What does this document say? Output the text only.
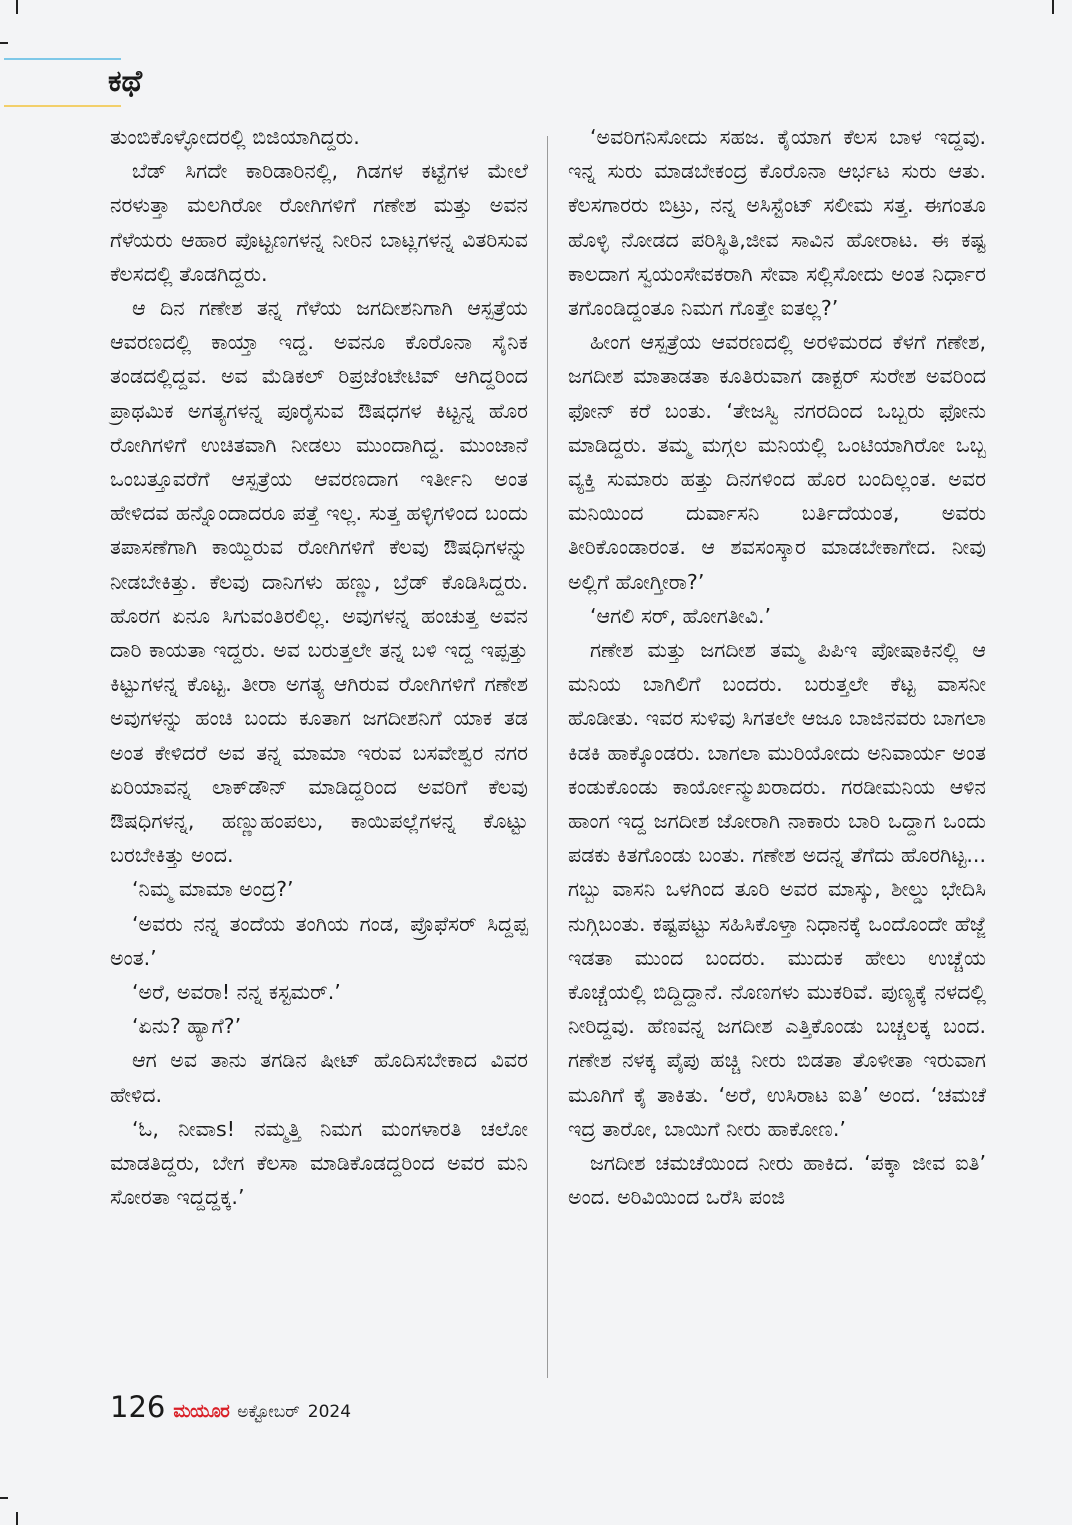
ಕಥೆ

ತುಂಬಿಕೊಳ್ಳೋದರಲ್ಲಿ ಬಿಜಿಯಾಗಿದ್ದರು.

ಬೆಡ್ ಸಿಗದೇ ಕಾರಿಡಾರಿನಲ್ಲಿ, ಗಿಡಗಳ ಕಟ್ಟೆಗಳ ಮೇಲೆ ನರಳುತ್ತಾ ಮಲಗಿರೋ ರೋಗಿಗಳಿಗೆ ಗಣೇಶ ಮತ್ತು ಅವನ ಗೆಳೆಯರು ಆಹಾರ ಪೊಟ್ಟಣಗಳನ್ನ ನೀರಿನ ಬಾಟ್ಲಗಳನ್ನ ವಿತರಿಸುವ ಕೆಲಸದಲ್ಲಿ ತೊಡಗಿದ್ದರು.

ಆ ದಿನ ಗಣೇಶ ತನ್ನ ಗೆಳೆಯ ಜಗದೀಶನಿಗಾಗಿ ಆಸ್ಪತ್ರೆಯ ಆವರಣದಲ್ಲಿ ಕಾಯ್ತಾ ಇದ್ದ. ಅವನೂ ಕೊರೊನಾ ಸೈನಿಕ ತಂಡದಲ್ಲಿದ್ದವ. ಅವ ಮೆಡಿಕಲ್ ರಿಪ್ರಜೆಂಟೇಟಿವ್ ಆಗಿದ್ದರಿಂದ ಪ್ರಾಥಮಿಕ ಅಗತ್ಯಗಳನ್ನ ಪೂರೈಸುವ ಔಷಧಗಳ ಕಿಟ್ಟನ್ನ ಹೊರ ರೋಗಿಗಳಿಗೆ ಉಚಿತವಾಗಿ ನೀಡಲು ಮುಂದಾಗಿದ್ದ. ಮುಂಜಾನೆ ಒಂಬತ್ತೂವರೆಗೆ ಆಸ್ಪತ್ರೆಯ ಆವರಣದಾಗ ಇರ್ತೀನಿ ಅಂತ ಹೇಳಿದವ ಹನ್ನೊಂದಾದರೂ ಪತ್ತೆ ಇಲ್ಲ. ಸುತ್ತ ಹಳ್ಳಿಗಳಿಂದ ಬಂದು ತಪಾಸಣೆಗಾಗಿ ಕಾಯ್ದಿರುವ ರೋಗಿಗಳಿಗೆ ಕೆಲವು ಔಷಧಿಗಳನ್ನು ನೀಡಬೇಕಿತ್ತು. ಕೆಲವು ದಾನಿಗಳು ಹಣ್ಣು, ಬ್ರೆಡ್ ಕೊಡಿಸಿದ್ದರು. ಹೊರಗ ಏನೂ ಸಿಗುವಂತಿರಲಿಲ್ಲ. ಅವುಗಳನ್ನ ಹಂಚುತ್ತ ಅವನ ದಾರಿ ಕಾಯತಾ ಇದ್ದರು. ಅವ ಬರುತ್ತಲೇ ತನ್ನ ಬಳಿ ಇದ್ದ ಇಪ್ಪತ್ತು ಕಿಟ್ಟುಗಳನ್ನ ಕೊಟ್ಟ. ತೀರಾ ಅಗತ್ಯ ಆಗಿರುವ ರೋಗಿಗಳಿಗೆ ಗಣೇಶ ಅವುಗಳನ್ನು ಹಂಚಿ ಬಂದು ಕೂತಾಗ ಜಗದೀಶನಿಗೆ ಯಾಕ ತಡ ಅಂತ ಕೇಳಿದರೆ ಅವ ತನ್ನ ಮಾಮಾ ಇರುವ ಬಸವೇಶ್ವರ ನಗರ ಏರಿಯಾವನ್ನ ಲಾಕ್‌ಡೌನ್ ಮಾಡಿದ್ದರಿಂದ ಅವರಿಗೆ ಕೆಲವು ಔಷಧಿಗಳನ್ನ, ಹಣ್ಣುಹಂಪಲು, ಕಾಯಿಪಲ್ಲೆಗಳನ್ನ ಕೊಟ್ಟು ಬರಬೇಕಿತ್ತು ಅಂದ.

‘ನಿಮ್ಮ ಮಾಮಾ ಅಂದ್ರ?’

‘ಅವರು ನನ್ನ ತಂದೆಯ ತಂಗಿಯ ಗಂಡ, ಪ್ರೊಫೆಸರ್ ಸಿದ್ದಪ್ಪ ಅಂತ.’

‘ಅರೆ, ಅವರಾ! ನನ್ನ ಕಸ್ಟಮರ್.’

‘ಏನು? ಹ್ಯಾಗೆ?’

ಆಗ ಅವ ತಾನು ತಗಡಿನ ಷೀಟ್ ಹೊದಿಸಬೇಕಾದ ವಿವರ ಹೇಳಿದ.

‘ಓ, ನೀವಾs! ನಮ್ಮತ್ತಿ ನಿಮಗ ಮಂಗಳಾರತಿ ಚಲೋ ಮಾಡತಿದ್ದರು, ಬೇಗ ಕೆಲಸಾ ಮಾಡಿಕೊಡದ್ದರಿಂದ ಅವರ ಮನಿ ಸೋರತಾ ಇದ್ದದ್ದಕ್ಕ.’

‘ಅವರಿಗನಿಸೋದು ಸಹಜ. ಕೈಯಾಗ ಕೆಲಸ ಬಾಳ ಇದ್ದವು. ಇನ್ನ ಸುರು ಮಾಡಬೇಕಂದ್ರ ಕೊರೊನಾ ಆರ್ಭಟ ಸುರು ಆತು. ಕೆಲಸಗಾರರು ಬಿಟ್ರು, ನನ್ನ ಅಸಿಸ್ಟೆಂಟ್ ಸಲೀಮ ಸತ್ತ. ಈಗಂತೂ ಹೊಳ್ಳಿ ನೋಡದ ಪರಿಸ್ಥಿತಿ,ಜೀವ ಸಾವಿನ ಹೋರಾಟ. ಈ ಕಷ್ಟ ಕಾಲದಾಗ ಸ್ವಯಂಸೇವಕರಾಗಿ ಸೇವಾ ಸಲ್ಲಿಸೋದು ಅಂತ ನಿರ್ಧಾರ ತಗೊಂಡಿದ್ದಂತೂ ನಿಮಗ ಗೊತ್ತೇ ಐತಲ್ಲ?’

ಹೀಂಗ ಆಸ್ಪತ್ರೆಯ ಆವರಣದಲ್ಲಿ ಅರಳಿಮರದ ಕೆಳಗೆ ಗಣೇಶ, ಜಗದೀಶ ಮಾತಾಡತಾ ಕೂತಿರುವಾಗ ಡಾಕ್ಟರ್ ಸುರೇಶ ಅವರಿಂದ ಫೋನ್ ಕರೆ ಬಂತು. ‘ತೇಜಸ್ವಿ ನಗರದಿಂದ ಒಬ್ಬರು ಫೋನು ಮಾಡಿದ್ದರು. ತಮ್ಮ ಮಗ್ಗಲ ಮನಿಯಲ್ಲಿ ಒಂಟಿಯಾಗಿರೋ ಒಬ್ಬ ವ್ಯಕ್ತಿ ಸುಮಾರು ಹತ್ತು ದಿನಗಳಿಂದ ಹೊರ ಬಂದಿಲ್ಲಂತ. ಅವರ ಮನಿಯಿಂದ ದುರ್ವಾಸನಿ ಬರ್ತಿದೆಯಂತ, ಅವರು ತೀರಿಕೊಂಡಾರಂತ. ಆ ಶವಸಂಸ್ಕಾರ ಮಾಡಬೇಕಾಗೇದ. ನೀವು ಅಲ್ಲಿಗೆ ಹೋಗ್ತೀರಾ?’

‘ಆಗಲಿ ಸರ್, ಹೋಗತೀವಿ.’

ಗಣೇಶ ಮತ್ತು ಜಗದೀಶ ತಮ್ಮ ಪಿಪಿಇ ಪೋಷಾಕಿನಲ್ಲಿ ಆ ಮನಿಯ ಬಾಗಿಲಿಗೆ ಬಂದರು. ಬರುತ್ತಲೇ ಕೆಟ್ಟ ವಾಸನೀ ಹೊಡೀತು. ಇವರ ಸುಳಿವು ಸಿಗತಲೇ ಆಜೂ ಬಾಜಿನವರು ಬಾಗಲಾ ಕಿಡಕಿ ಹಾಕ್ಕೊಂಡರು. ಬಾಗಲಾ ಮುರಿಯೋದು ಅನಿವಾರ್ಯ ಅಂತ ಕಂಡುಕೊಂಡು ಕಾರ್ಯೋನ್ಮುಖರಾದರು. ಗರಡೀಮನಿಯ ಆಳಿನ ಹಾಂಗ ಇದ್ದ ಜಗದೀಶ ಜೋರಾಗಿ ನಾಕಾರು ಬಾರಿ ಒದ್ದಾಗ ಒಂದು ಪಡಕು ಕಿತಗೊಂಡು ಬಂತು. ಗಣೇಶ ಅದನ್ನ ತೆಗೆದು ಹೊರಗಿಟ್ಟ... ಗಬ್ಬು ವಾಸನಿ ಒಳಗಿಂದ ತೂರಿ ಅವರ ಮಾಸ್ಕು, ಶೀಲ್ಡು ಭೇದಿಸಿ ನುಗ್ಗಿಬಂತು. ಕಷ್ಟಪಟ್ಟು ಸಹಿಸಿಕೊಳ್ತಾ ನಿಧಾನಕ್ಕೆ ಒಂದೊಂದೇ ಹೆಜ್ಜೆ ಇಡತಾ ಮುಂದ ಬಂದರು. ಮುದುಕ ಹೇಲು ಉಚ್ಚೆಯ ಕೊಚ್ಚೆಯಲ್ಲಿ ಬಿದ್ದಿದ್ದಾನೆ. ನೊಣಗಳು ಮುಕರಿವೆ. ಪುಣ್ಯಕ್ಕೆ ನಳದಲ್ಲಿ ನೀರಿದ್ದವು. ಹೆಣವನ್ನ ಜಗದೀಶ ಎತ್ತಿಕೊಂಡು ಬಚ್ಚಲಕ್ಕ ಬಂದ. ಗಣೇಶ ನಳಕ್ಕ ಪೈಪು ಹಚ್ಚಿ ನೀರು ಬಿಡತಾ ತೊಳೀತಾ ಇರುವಾಗ ಮೂಗಿಗೆ ಕೈ ತಾಕಿತು. ‘ಅರೆ, ಉಸಿರಾಟ ಐತಿ’ ಅಂದ. ‘ಚಮಚೆ ಇದ್ರ ತಾರೋ, ಬಾಯಿಗೆ ನೀರು ಹಾಕೋಣ.’

ಜಗದೀಶ ಚಮಚೆಯಿಂದ ನೀರು ಹಾಕಿದ. ‘ಪಕ್ಕಾ ಜೀವ ಐತಿ’ ಅಂದ. ಅರಿವಿಯಿಂದ ಒರೆಸಿ ಪಂಜಿ

126 ಮಯೂರ ಅಕ್ಟೋಬರ್ 2024
